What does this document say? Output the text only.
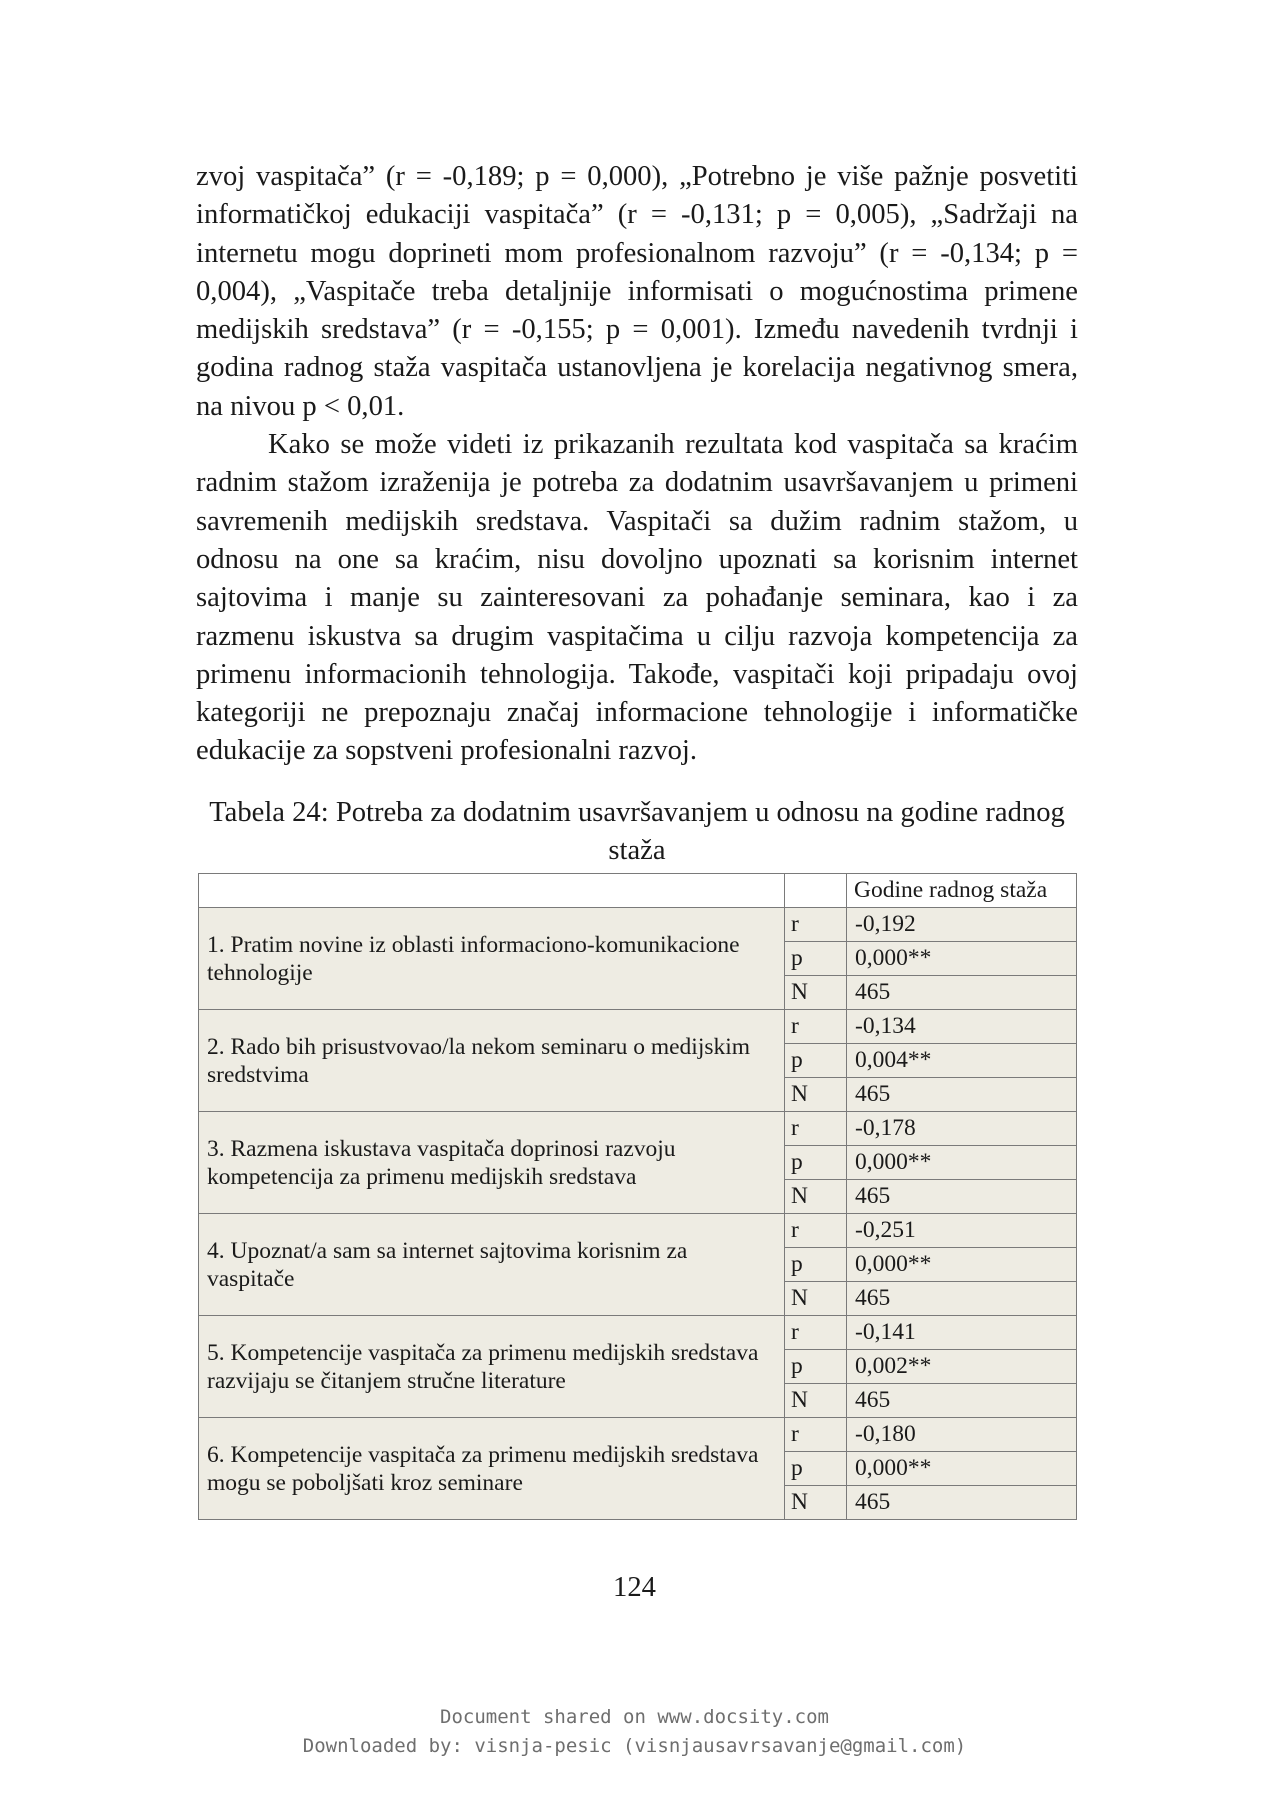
zvoj vaspitača” (r = -0,189; p = 0,000), „Potrebno je više pažnje posvetiti informatičkoj edukaciji vaspitača” (r = -0,131; p = 0,005), „Sadržaji na internetu mogu doprineti mom profesionalnom razvoju” (r = -0,134; p = 0,004), „Vaspitače treba detaljnije informisati o mogućnostima primene medijskih sredstava” (r = -0,155; p = 0,001). Između navedenih tvrdnji i godina radnog staža vaspitača ustanovljena je korelacija negativnog smera, na nivou p < 0,01.

Kako se može videti iz prikazanih rezultata kod vaspitača sa kraćim radnim stažom izraženija je potreba za dodatnim usavršavanjem u primeni savremenih medijskih sredstava. Vaspitači sa dužim radnim stažom, u odnosu na one sa kraćim, nisu dovoljno upoznati sa korisnim internet sajtovima i manje su zainteresovani za pohađanje seminara, kao i za razmenu iskustva sa drugim vaspitačima u cilju razvoja kompetencija za primenu informacionih tehnologija. Takođe, vaspitači koji pripadaju ovoj kategoriji ne prepoznaju značaj informacione tehnologije i informatičke edukacije za sopstveni profesionalni razvoj.

Tabela 24: Potreba za dodatnim usavršavanjem u odnosu na godine radnog staža
		Godine radnog staža
1. Pratim novine iz oblasti informaciono-komunikacione tehnologije	r	-0,192
	p	0,000**
	N	465
2. Rado bih prisustvovao/la nekom seminaru o medijskim sredstvima	r	-0,134
	p	0,004**
	N	465
3. Razmena iskustava vaspitača doprinosi razvoju kompetencija za primenu medijskih sredstava	r	-0,178
	p	0,000**
	N	465
4. Upoznat/a sam sa internet sajtovima korisnim za vaspitače	r	-0,251
	p	0,000**
	N	465
5. Kompetencije vaspitača za primenu medijskih sredstava razvijaju se čitanjem stručne literature	r	-0,141
	p	0,002**
	N	465
6. Kompetencije vaspitača za primenu medijskih sredstava mogu se poboljšati kroz seminare	r	-0,180
	p	0,000**
	N	465
124
Document shared on www.docsity.com
Downloaded by: visnja-pesic (visnjausavrsavanje@gmail.com)
